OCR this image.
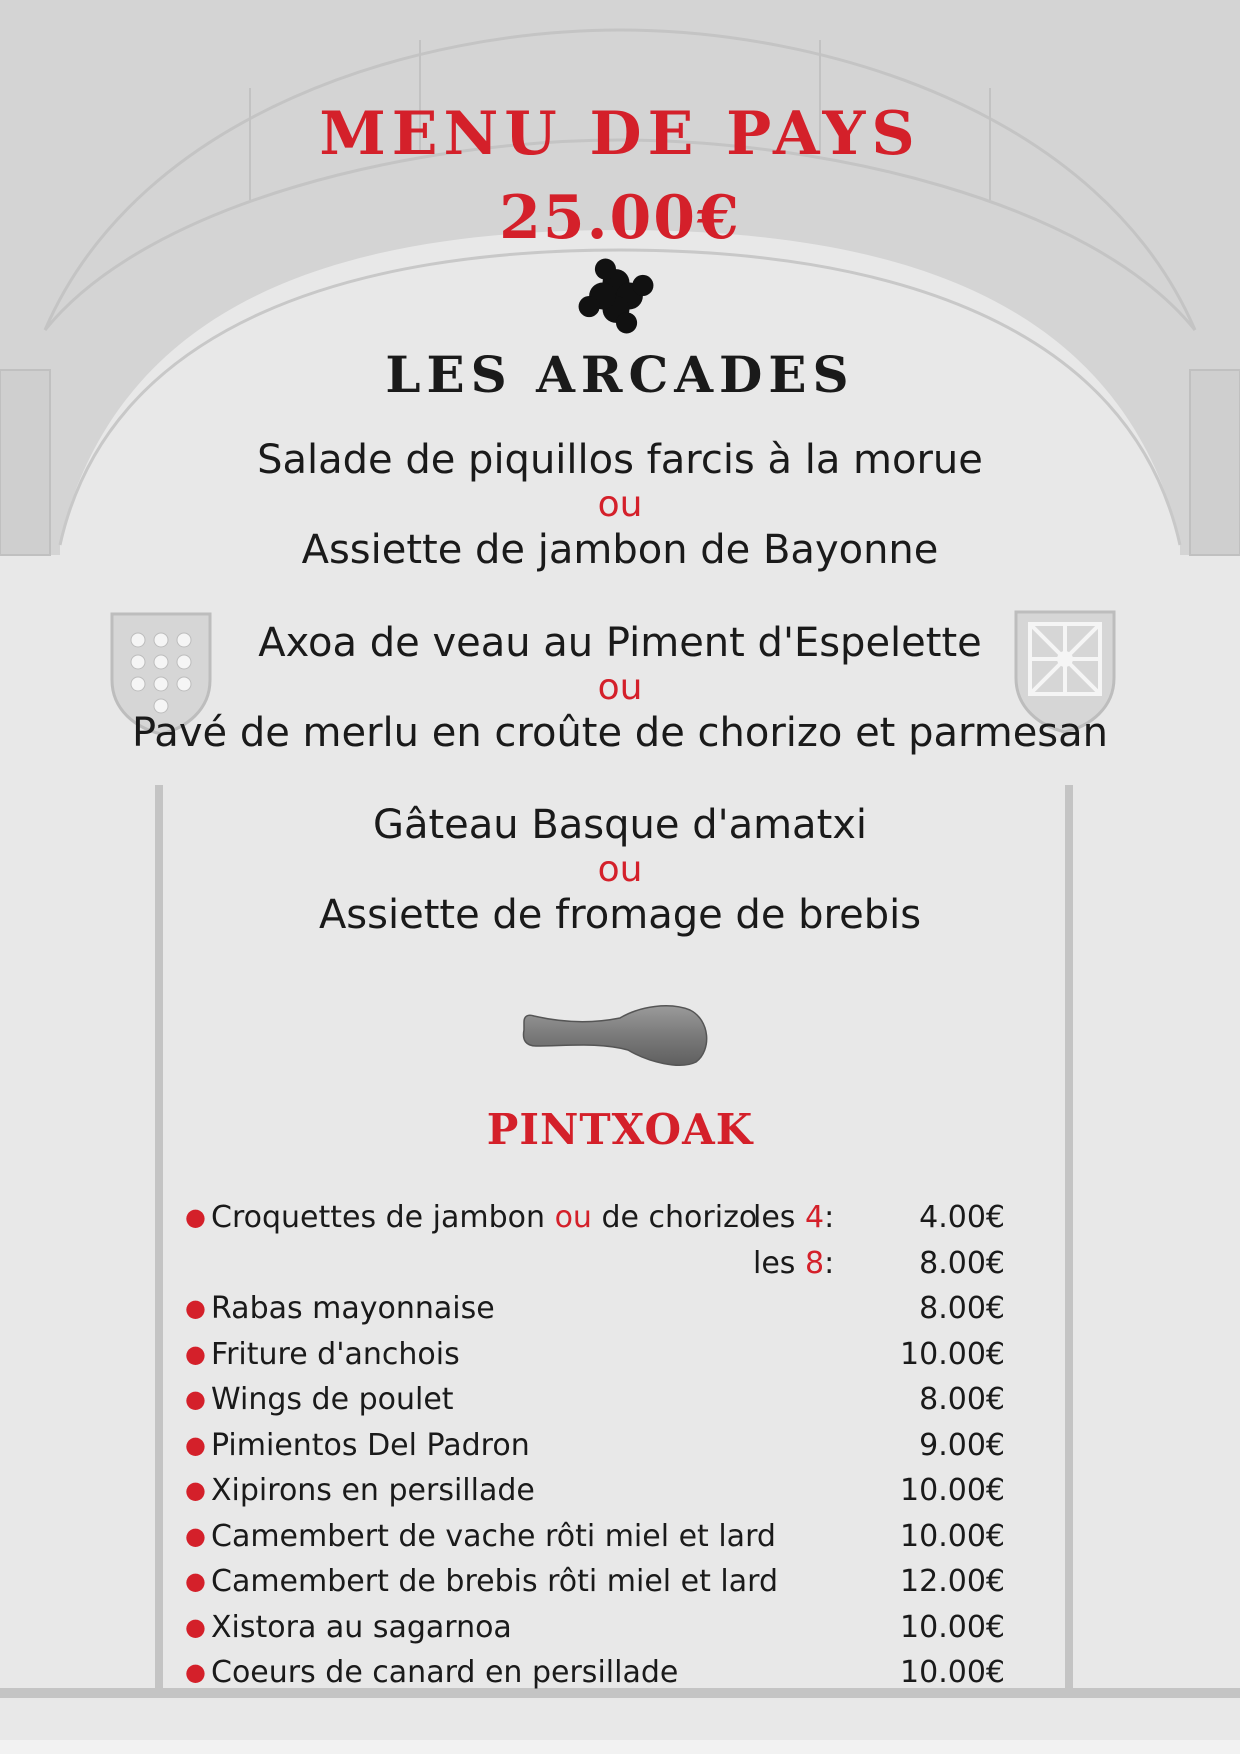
MENU DE PAYS
25.00€
LES ARCADES
Salade de piquillos farcis à la morue
ou
Assiette de jambon de Bayonne
Axoa de veau au Piment d'Espelette
ou
Pavé de merlu en croûte de chorizo et parmesan
Gâteau Basque d'amatxi
ou
Assiette de fromage de brebis
PINTXOAK
● Croquettes de jambon ou de chorizo
les 4:	4.00€
les 8:	8.00€
● Rabas mayonnaise	8.00€
● Friture d'anchois	10.00€
● Wings de poulet	8.00€
● Pimientos Del Padron	9.00€
● Xipirons en persillade	10.00€
● Camembert de vache rôti miel et lard	10.00€
● Camembert de brebis rôti miel et lard	12.00€
● Xistora au sagarnoa	10.00€
● Coeurs de canard en persillade	10.00€
